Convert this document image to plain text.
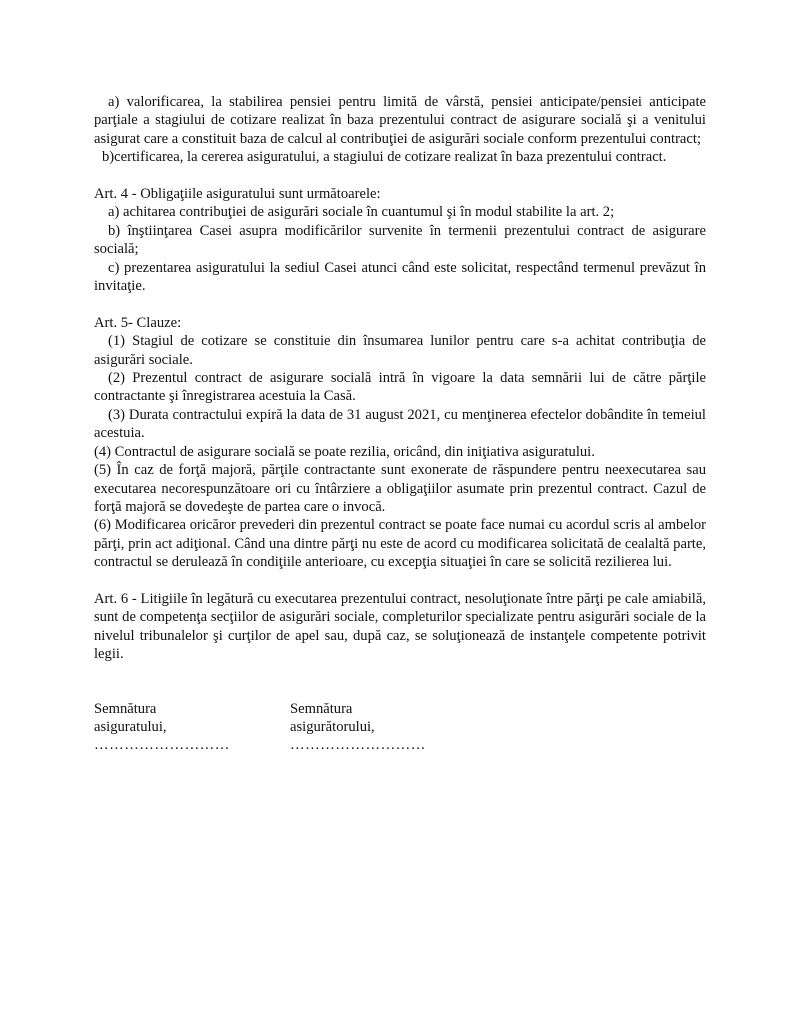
a) valorificarea, la stabilirea pensiei pentru limită de vârstă, pensiei anticipate/pensiei anticipate parţiale a stagiului de cotizare realizat în baza prezentului contract de asigurare socială şi a venitului asigurat care a constituit baza de calcul al contribuţiei de asigurări sociale conform prezentului contract;

b)certificarea, la cererea asiguratului, a stagiului de cotizare realizat în baza prezentului contract.

Art. 4 - Obligaţiile asiguratului sunt următoarele:

a) achitarea contribuţiei de asigurări sociale în cuantumul şi în modul stabilite la art. 2;

b) înştiinţarea Casei asupra modificărilor survenite în termenii prezentului contract de asigurare socială;

c) prezentarea asiguratului la sediul Casei atunci când este solicitat, respectând termenul prevăzut în invitaţie.

Art. 5- Clauze:

(1) Stagiul de cotizare se constituie din însumarea lunilor pentru care s-a achitat contribuţia de asigurări sociale.

(2) Prezentul contract de asigurare socială intră în vigoare la data semnării lui de către părţile contractante şi înregistrarea acestuia la Casă.

(3) Durata contractului expiră la data de 31 august 2021, cu menţinerea efectelor dobândite în temeiul acestuia.

(4) Contractul de asigurare socială se poate rezilia, oricând, din iniţiativa asiguratului.

(5) În caz de forţă majoră, părţile contractante sunt exonerate de răspundere pentru neexecutarea sau executarea necorespunzătoare ori cu întârziere a obligaţiilor asumate prin prezentul contract. Cazul de forţă majoră se dovedeşte de partea care o invocă.

(6) Modificarea oricăror prevederi din prezentul contract se poate face numai cu acordul scris al ambelor părţi, prin act adiţional. Când una dintre părţi nu este de acord cu modificarea solicitată de cealaltă parte, contractul se derulează în condiţiile anterioare, cu excepţia situaţiei în care se solicită rezilierea lui.

Art. 6 - Litigiile în legătură cu executarea prezentului contract, nesoluţionate între părţi pe cale amiabilă, sunt de competenţa secţiilor de asigurări sociale, completurilor specializate pentru asigurări sociale de la nivelul tribunalelor şi curţilor de apel sau, după caz, se soluţionează de instanţele competente potrivit legii.

Semnătura
asiguratului,
………………………
Semnătura
asigurătorului,
………………………
